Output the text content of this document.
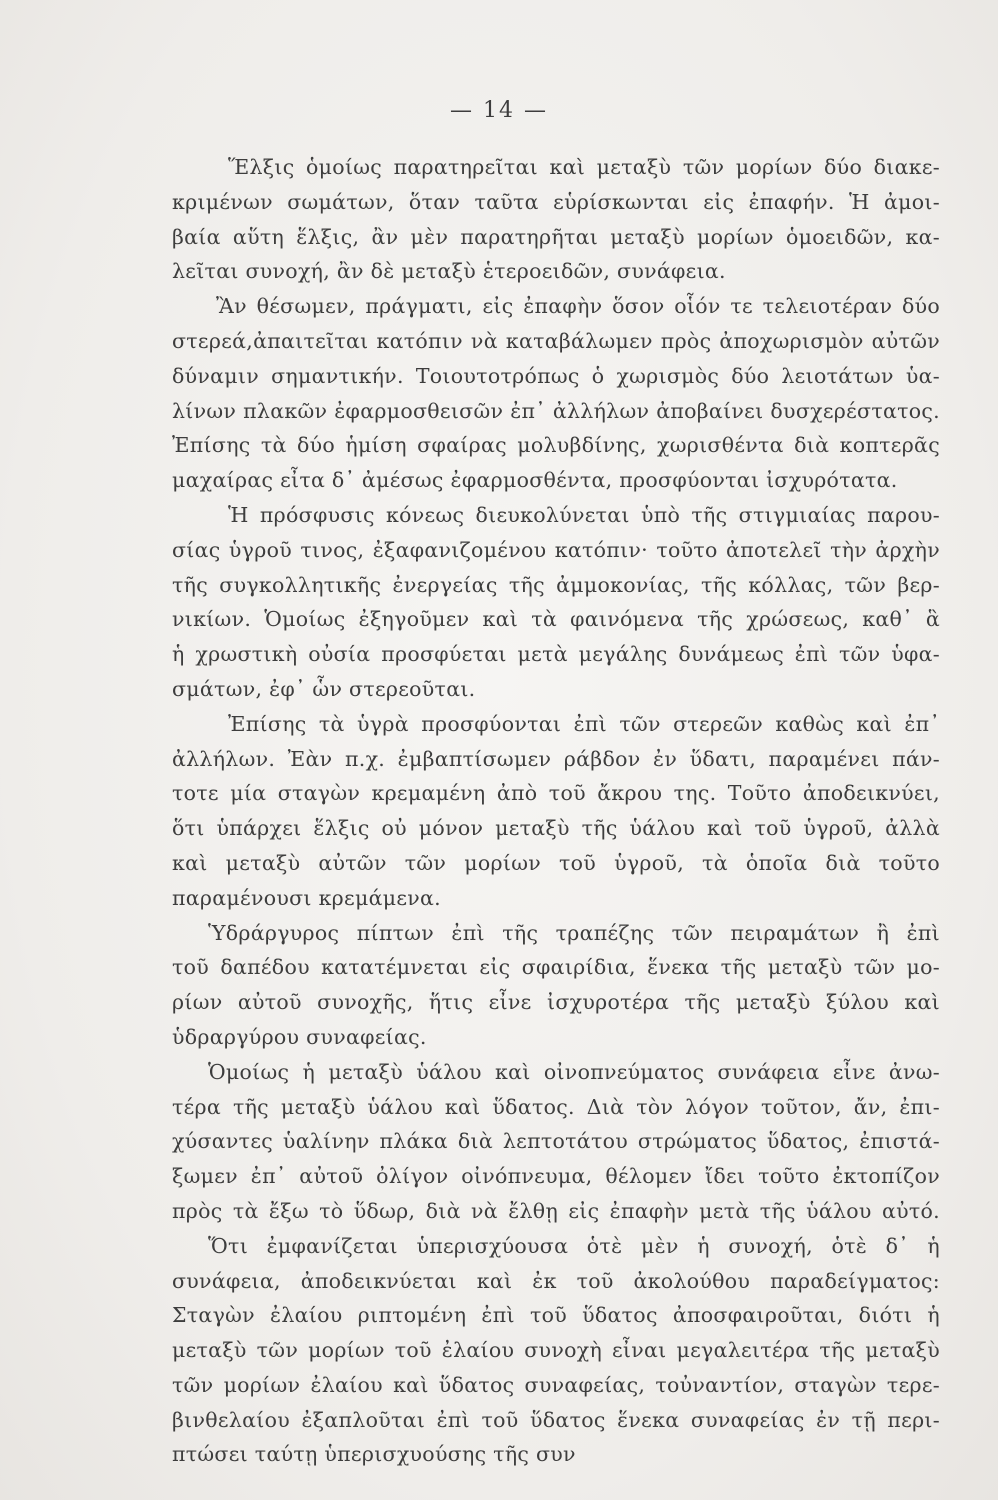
— 14 —
Ἕλξις ὁμοίως παρατηρεῖται καὶ μεταξὺ τῶν μορίων δύο διακε-
κριμένων σωμάτων, ὅταν ταῦτα εὑρίσκωνται εἰς ἐπαφήν. Ἡ ἀμοι-
βαία αὕτη ἕλξις, ἂν μὲν παρατηρῆται μεταξὺ μορίων ὁμοειδῶν, κα-
λεῖται συνοχή, ἂν δὲ μεταξὺ ἑτεροειδῶν, συνάφεια.
Ἂν θέσωμεν, πράγματι, εἰς ἐπαφὴν ὅσον οἷόν τε τελειοτέραν δύο
στερεά,ἀπαιτεῖται κατόπιν νὰ καταβάλωμεν πρὸς ἀποχωρισμὸν αὐτῶν
δύναμιν σημαντικήν. Τοιουτοτρόπως ὁ χωρισμὸς δύο λειοτάτων ὑα-
λίνων πλακῶν ἐφαρμοσθεισῶν ἐπ᾽ ἀλλήλων ἀποβαίνει δυσχερέστατος.
Ἐπίσης τὰ δύο ἡμίση σφαίρας μολυβδίνης, χωρισθέντα διὰ κοπτερᾶς
μαχαίρας εἶτα δ᾽ ἀμέσως ἐφαρμοσθέντα, προσφύονται ἰσχυρότατα.
Ἡ πρόσφυσις κόνεως διευκολύνεται ὑπὸ τῆς στιγμιαίας παρου-
σίας ὑγροῦ τινος, ἐξαφανιζομένου κατόπιν· τοῦτο ἀποτελεῖ τὴν ἀρχὴν
τῆς συγκολλητικῆς ἐνεργείας τῆς ἀμμοκονίας, τῆς κόλλας, τῶν βερ-
νικίων. Ὁμοίως ἐξηγοῦμεν καὶ τὰ φαινόμενα τῆς χρώσεως, καθ᾽ ἃ
ἡ χρωστικὴ οὐσία προσφύεται μετὰ μεγάλης δυνάμεως ἐπὶ τῶν ὑφα-
σμάτων, ἐφ᾽ ὧν στερεοῦται.
Ἐπίσης τὰ ὑγρὰ προσφύονται ἐπὶ τῶν στερεῶν καθὼς καὶ ἐπ᾽
ἀλλήλων. Ἐὰν π.χ. ἐμβαπτίσωμεν ράβδον ἐν ὕδατι, παραμένει πάν-
τοτε μία σταγὼν κρεμαμένη ἀπὸ τοῦ ἄκρου της. Τοῦτο ἀποδεικνύει,
ὅτι ὑπάρχει ἕλξις οὐ μόνον μεταξὺ τῆς ὑάλου καὶ τοῦ ὑγροῦ, ἀλλὰ
καὶ μεταξὺ αὐτῶν τῶν μορίων τοῦ ὑγροῦ, τὰ ὁποῖα διὰ τοῦτο
παραμένουσι κρεμάμενα.
Ὑδράργυρος πίπτων ἐπὶ τῆς τραπέζης τῶν πειραμάτων ἢ ἐπὶ
τοῦ δαπέδου κατατέμνεται εἰς σφαιρίδια, ἕνεκα τῆς μεταξὺ τῶν μο-
ρίων αὐτοῦ συνοχῆς, ἥτις εἶνε ἰσχυροτέρα τῆς μεταξὺ ξύλου καὶ
ὑδραργύρου συναφείας.
Ὁμοίως ἡ μεταξὺ ὑάλου καὶ οἰνοπνεύματος συνάφεια εἶνε ἀνω-
τέρα τῆς μεταξὺ ὑάλου καὶ ὕδατος. Διὰ τὸν λόγον τοῦτον, ἄν, ἐπι-
χύσαντες ὑαλίνην πλάκα διὰ λεπτοτάτου στρώματος ὕδατος, ἐπιστά-
ξωμεν ἐπ᾽ αὐτοῦ ὀλίγον οἰνόπνευμα, θέλομεν ἴδει τοῦτο ἐκτοπίζον
πρὸς τὰ ἔξω τὸ ὕδωρ, διὰ νὰ ἔλθῃ εἰς ἐπαφὴν μετὰ τῆς ὑάλου αὐτό.
Ὅτι ἐμφανίζεται ὑπερισχύουσα ὁτὲ μὲν ἡ συνοχή, ὁτὲ δ᾽ ἡ
συνάφεια, ἀποδεικνύεται καὶ ἐκ τοῦ ἀκολούθου παραδείγματος:
Σταγὼν ἐλαίου ριπτομένη ἐπὶ τοῦ ὕδατος ἀποσφαιροῦται, διότι ἡ
μεταξὺ τῶν μορίων τοῦ ἐλαίου συνοχὴ εἶναι μεγαλειτέρα τῆς μεταξὺ
τῶν μορίων ἐλαίου καὶ ὕδατος συναφείας, τοὐναντίον, σταγὼν τερε-
βινθελαίου ἐξαπλοῦται ἐπὶ τοῦ ὕδατος ἕνεκα συναφείας ἐν τῇ περι-
πτώσει ταύτῃ ὑπερισχυούσης τῆς συν
